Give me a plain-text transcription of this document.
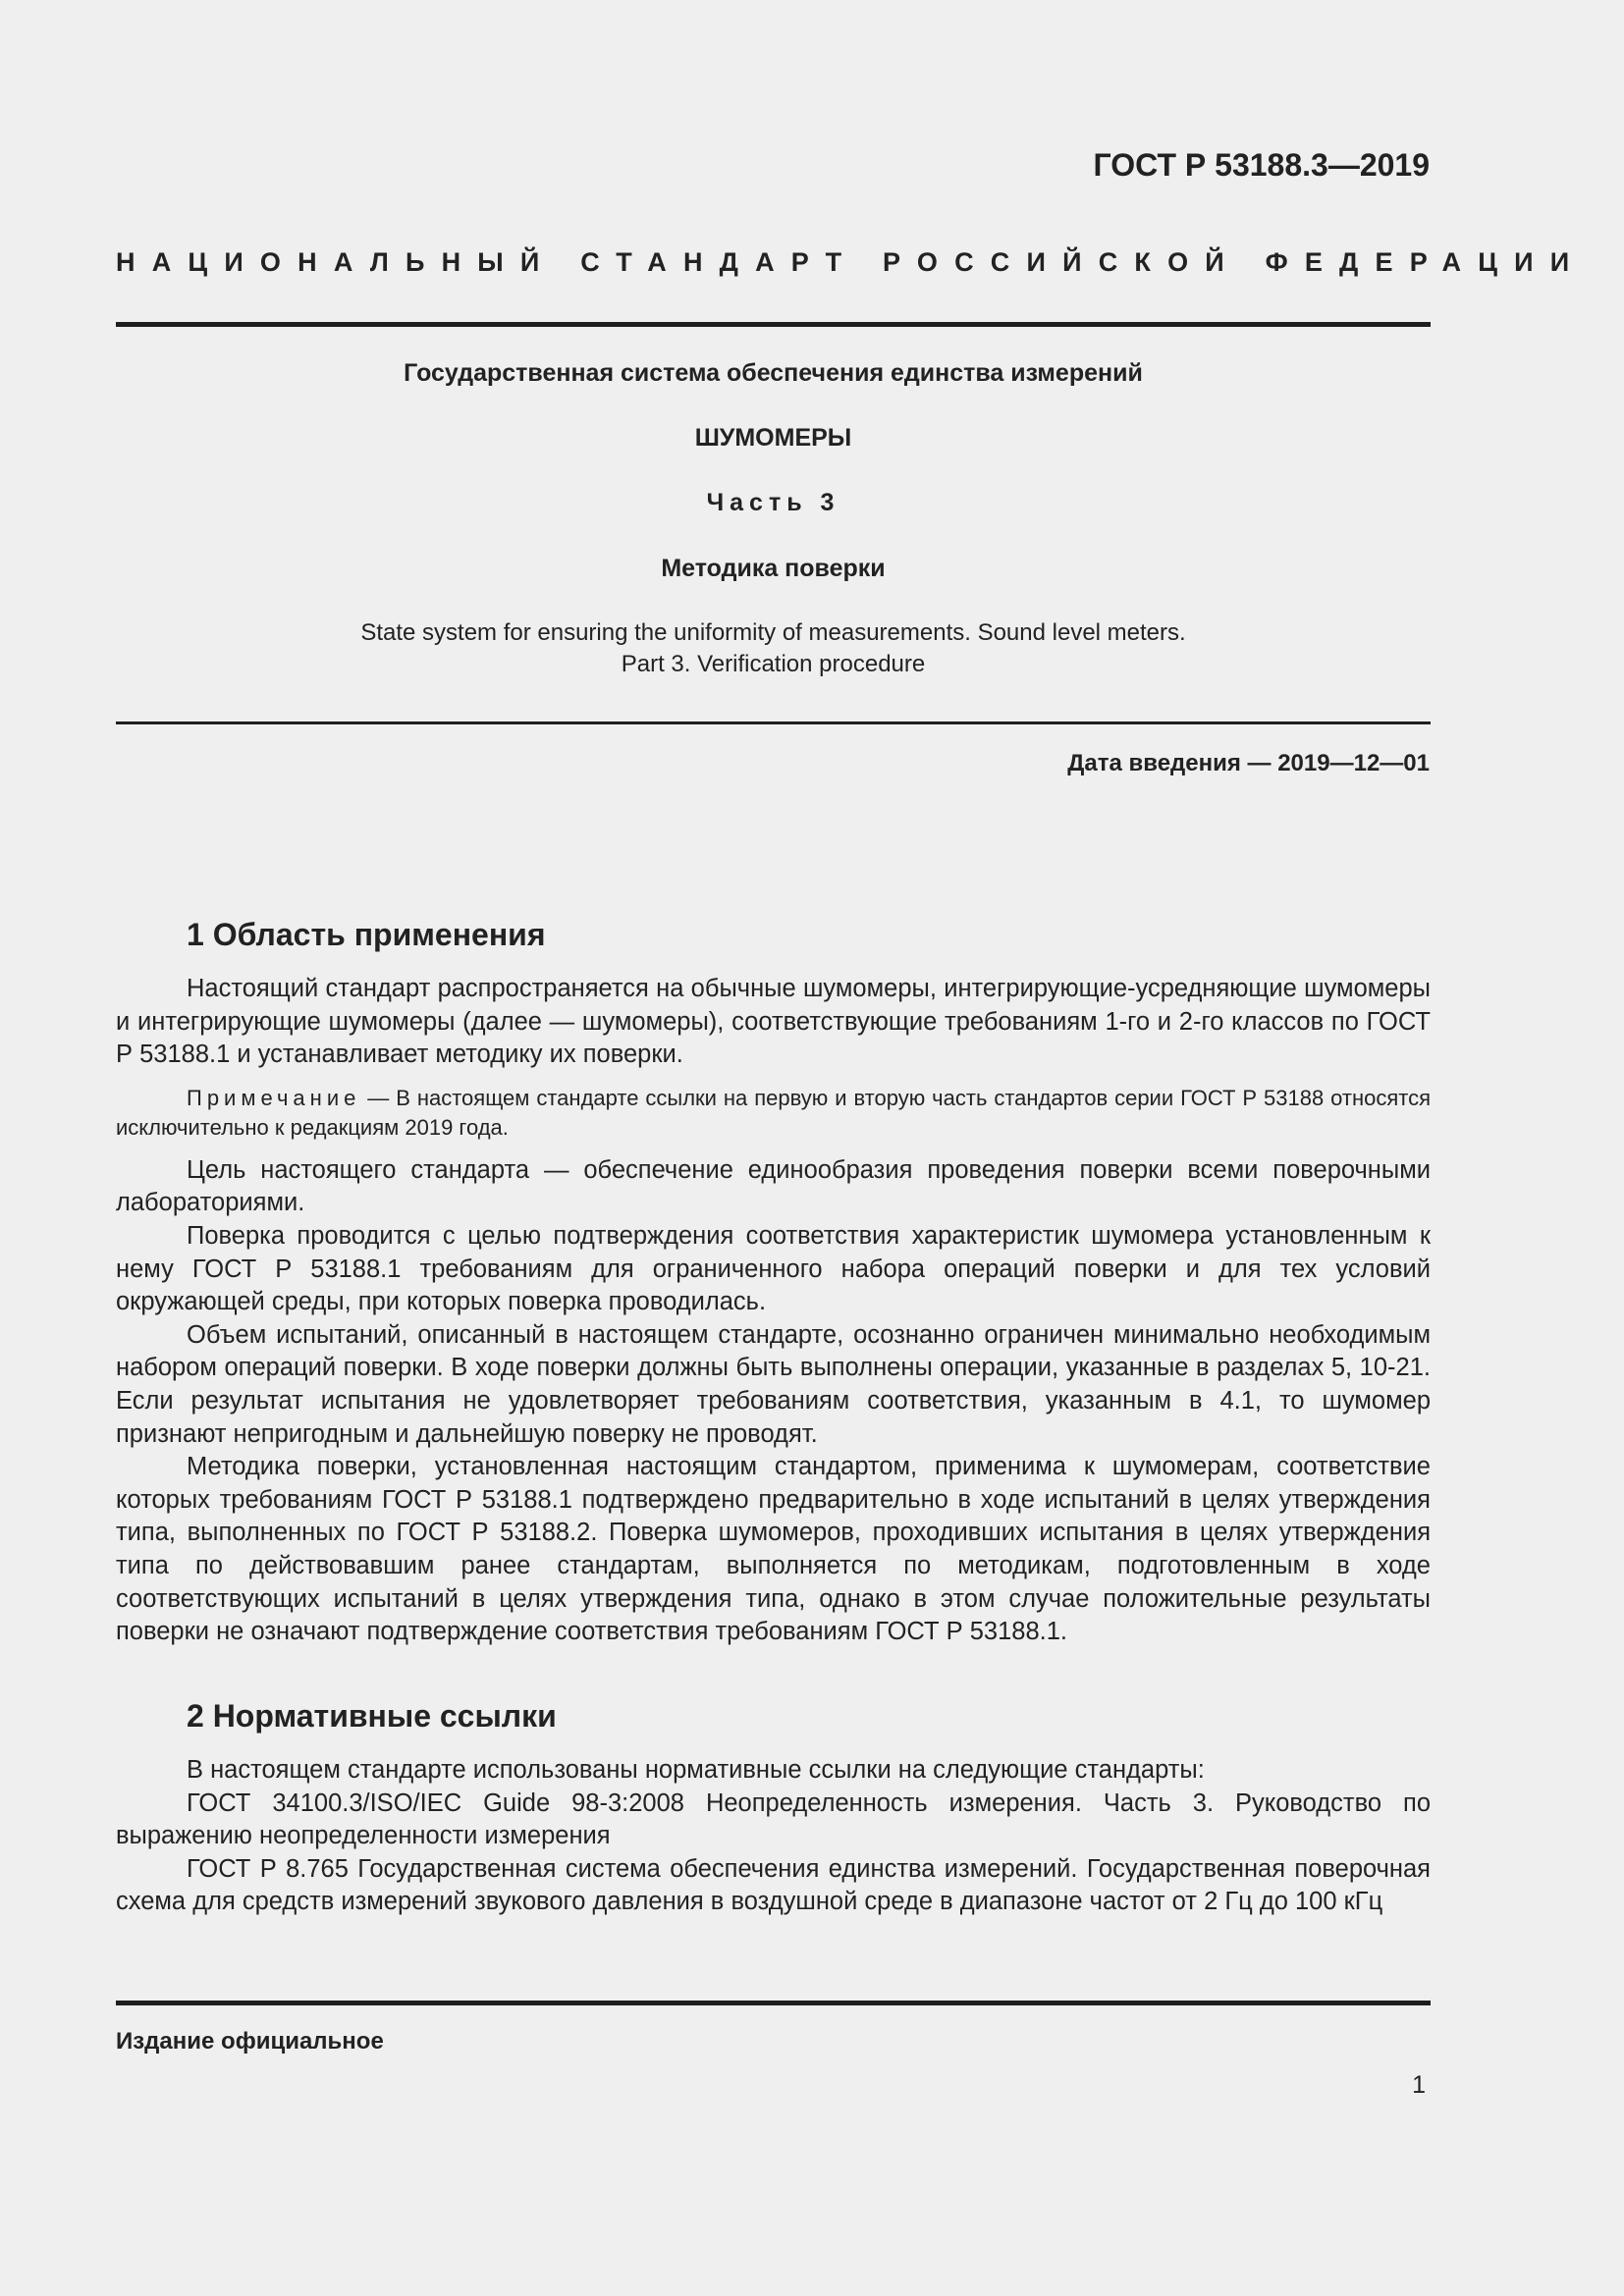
ГОСТ Р 53188.3—2019
НАЦИОНАЛЬНЫЙ СТАНДАРТ РОССИЙСКОЙ ФЕДЕРАЦИИ
Государственная система обеспечения единства измерений
ШУМОМЕРЫ
Часть 3
Методика поверки
State system for ensuring the uniformity of measurements. Sound level meters.
Part 3. Verification procedure
Дата введения — 2019—12—01
1 Область применения

Настоящий стандарт распространяется на обычные шумомеры, интегрирующие-усредняющие шумомеры и интегрирующие шумомеры (далее — шумомеры), соответствующие требованиям 1-го и 2-го классов по ГОСТ Р 53188.1 и устанавливает методику их поверки.

Примечание — В настоящем стандарте ссылки на первую и вторую часть стандартов серии ГОСТ Р 53188 относятся исключительно к редакциям 2019 года.

Цель настоящего стандарта — обеспечение единообразия проведения поверки всеми поверочными лабораториями.

Поверка проводится с целью подтверждения соответствия характеристик шумомера установленным к нему ГОСТ Р 53188.1 требованиям для ограниченного набора операций поверки и для тех условий окружающей среды, при которых поверка проводилась.

Объем испытаний, описанный в настоящем стандарте, осознанно ограничен минимально необходимым набором операций поверки. В ходе поверки должны быть выполнены операции, указанные в разделах 5, 10-21. Если результат испытания не удовлетворяет требованиям соответствия, указанным в 4.1, то шумомер признают непригодным и дальнейшую поверку не проводят.

Методика поверки, установленная настоящим стандартом, применима к шумомерам, соответствие которых требованиям ГОСТ Р 53188.1 подтверждено предварительно в ходе испытаний в целях утверждения типа, выполненных по ГОСТ Р 53188.2. Поверка шумомеров, проходивших испытания в целях утверждения типа по действовавшим ранее стандартам, выполняется по методикам, подготовленным в ходе соответствующих испытаний в целях утверждения типа, однако в этом случае положительные результаты поверки не означают подтверждение соответствия требованиям ГОСТ Р 53188.1.

2 Нормативные ссылки

В настоящем стандарте использованы нормативные ссылки на следующие стандарты:

ГОСТ 34100.3/ISO/IEC Guide 98-3:2008 Неопределенность измерения. Часть 3. Руководство по выражению неопределенности измерения

ГОСТ Р 8.765 Государственная система обеспечения единства измерений. Государственная поверочная схема для средств измерений звукового давления в воздушной среде в диапазоне частот от 2 Гц до 100 кГц

Издание официальное
1
